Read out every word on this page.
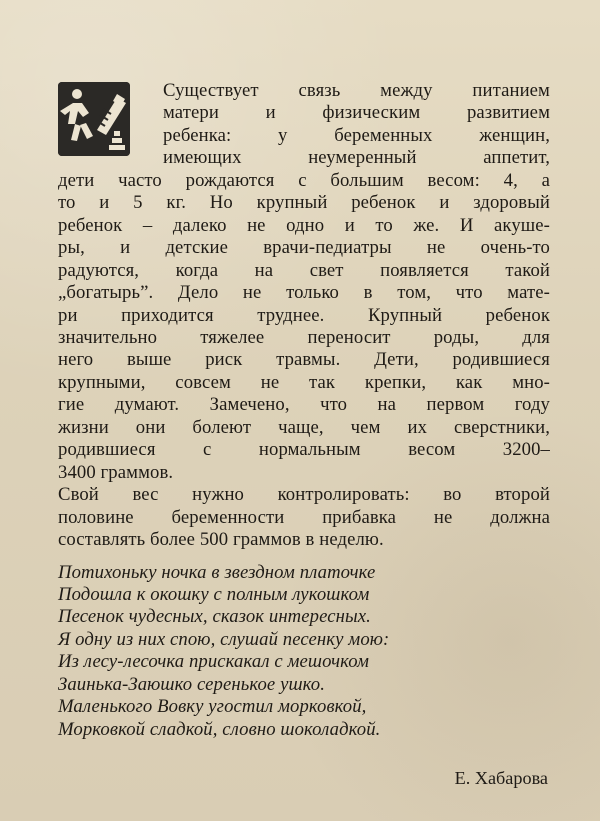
Существует связь между питанием
матери и физическим развитием
ребенка: у беременных женщин,
имеющих неумеренный аппетит,
дети часто рождаются с большим весом: 4, а
то и 5 кг. Но крупный ребенок и здоровый
ребенок – далеко не одно и то же. И акуше-
ры, и детские врачи-педиатры не очень-то
радуются, когда на свет появляется такой
„богатырь”. Дело не только в том, что мате-
ри приходится труднее. Крупный ребенок
значительно тяжелее переносит роды, для
него выше риск травмы. Дети, родившиеся
крупными, совсем не так крепки, как мно-
гие думают. Замечено, что на первом году
жизни они болеют чаще, чем их сверстники,
родившиеся с нормальным весом 3200–
3400 граммов.
Свой вес нужно контролировать: во второй
половине беременности прибавка не должна
составлять более 500 граммов в неделю.
Потихоньку ночка в звездном платочке
Подошла к окошку с полным лукошком
Песенок чудесных, сказок интересных.
Я одну из них спою, слушай песенку мою:
Из лесу-лесочка прискакал с мешочком
Заинька-Заюшко серенькое ушко.
Маленького Вовку угостил морковкой,
Морковкой сладкой, словно шоколадкой.
Е. Хабарова
